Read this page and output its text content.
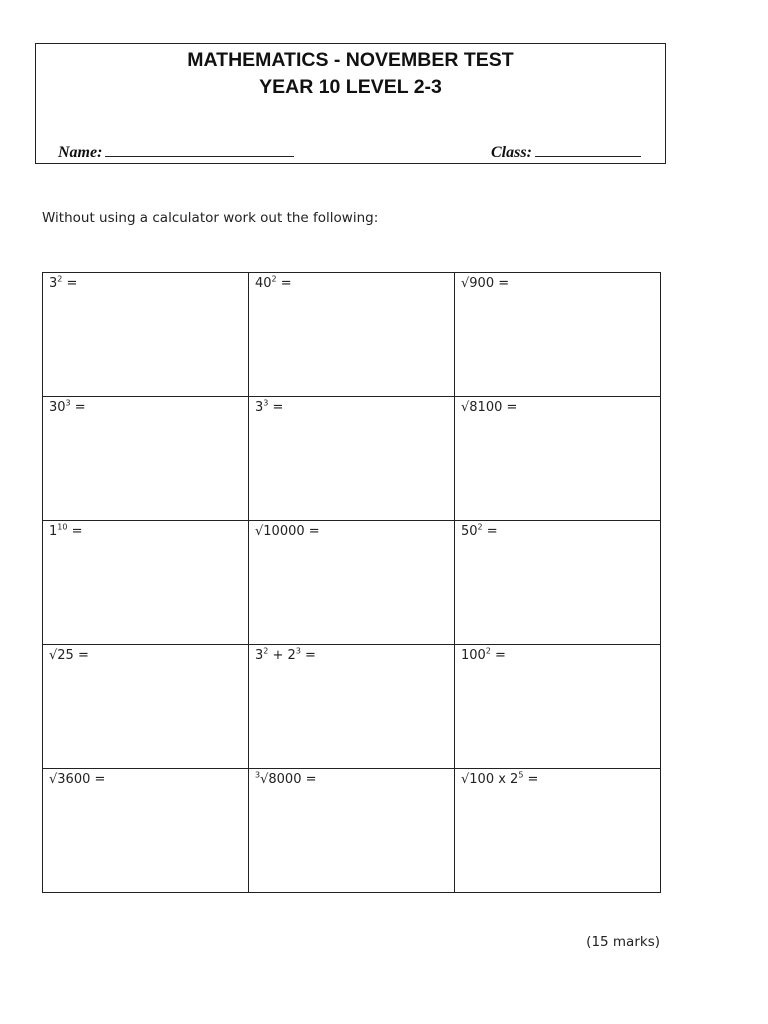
MATHEMATICS - NOVEMBER TEST
YEAR 10 LEVEL 2-3
Name:	Class:
Without using a calculator work out the following:
$3^2$ =	$40^2$ =	√900 =
$30^3$ =	$3^3$ =	√8100 =
$1^{10}$ =	√10000 =	$50^2$ =
√25 =	$3^2 + 2^3$ =	$100^2$ =
√3600 =	$^3$√8000 =	√100 x $2^5$ =
(15 marks)
